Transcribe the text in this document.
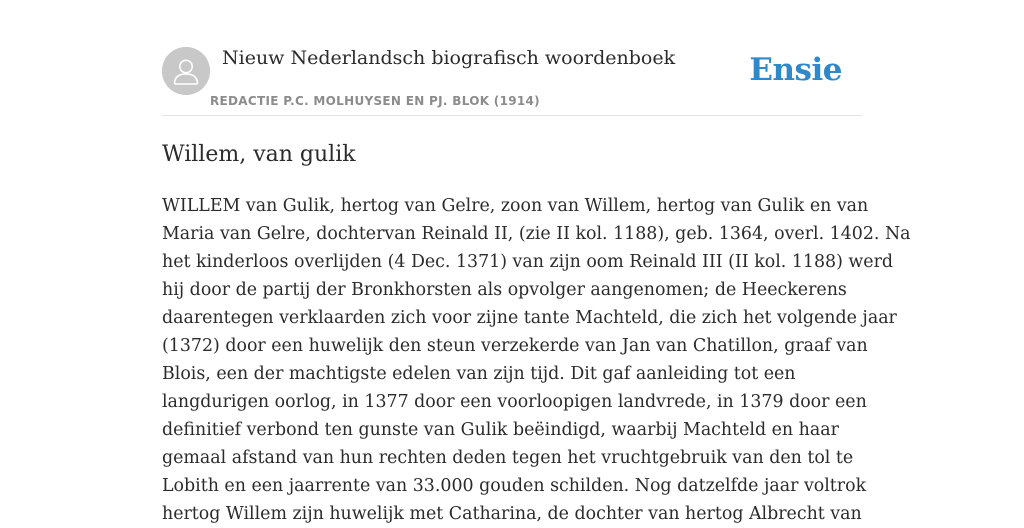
Nieuw Nederlandsch biografisch woordenboek
REDACTIE P.C. MOLHUYSEN EN PJ. BLOK (1914)
Ensie
Willem, van gulik
WILLEM van Gulik, hertog van Gelre, zoon van Willem, hertog van Gulik en van
Maria van Gelre, dochtervan Reinald II, (zie II kol. 1188), geb. 1364, overl. 1402. Na
het kinderloos overlijden (4 Dec. 1371) van zijn oom Reinald III (II kol. 1188) werd
hij door de partij der Bronkhorsten als opvolger aangenomen; de Heeckerens
daarentegen verklaarden zich voor zijne tante Machteld, die zich het volgende jaar
(1372) door een huwelijk den steun verzekerde van Jan van Chatillon, graaf van
Blois, een der machtigste edelen van zijn tijd. Dit gaf aanleiding tot een
langdurigen oorlog, in 1377 door een voorloopigen landvrede, in 1379 door een
definitief verbond ten gunste van Gulik beëindigd, waarbij Machteld en haar
gemaal afstand van hun rechten deden tegen het vruchtgebruik van den tol te
Lobith en een jaarrente van 33.000 gouden schilden. Nog datzelfde jaar voltrok
hertog Willem zijn huwelijk met Catharina, de dochter van hertog Albrecht van
